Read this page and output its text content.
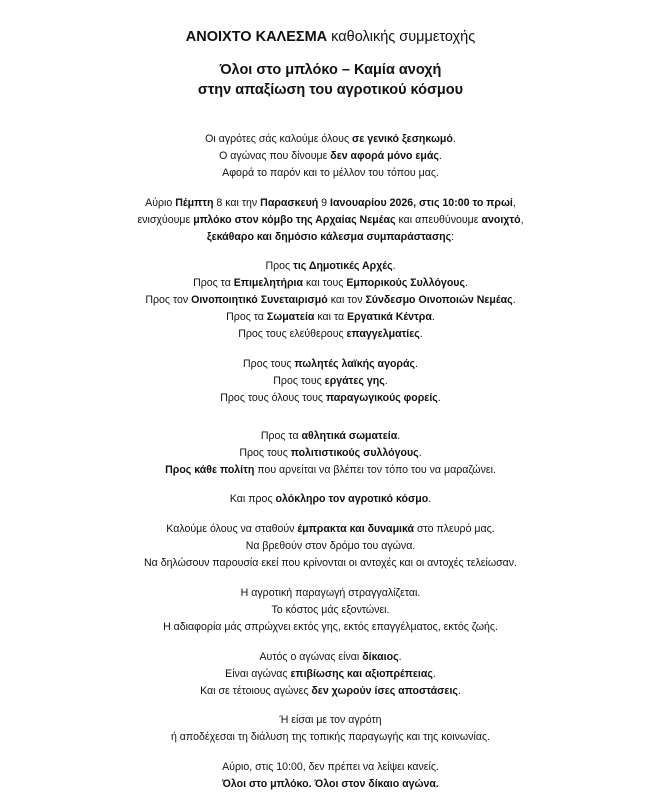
ΑΝΟΙΧΤΟ ΚΑΛΕΣΜΑ καθολικής συμμετοχής
Όλοι στο μπλόκο – Καμία ανοχή
στην απαξίωση του αγροτικού κόσμου
Οι αγρότες σάς καλούμε όλους σε γενικό ξεσηκωμό.
Ο αγώνας που δίνουμε δεν αφορά μόνο εμάς.
Αφορά το παρόν και το μέλλον του τόπου μας.
Αύριο Πέμπτη 8 και την Παρασκευή 9 Ιανουαρίου 2026, στις 10:00 το πρωί,
ενισχύουμε μπλόκο στον κόμβο της Αρχαίας Νεμέας και απευθύνουμε ανοιχτό,
ξεκάθαρο και δημόσιο κάλεσμα συμπαράστασης:
Προς τις Δημοτικές Αρχές.
Προς τα Επιμελητήρια και τους Εμπορικούς Συλλόγους.
Προς τον Οινοποιητικό Συνεταιρισμό και τον Σύνδεσμο Οινοποιών Νεμέας.
Προς τα Σωματεία και τα Εργατικά Κέντρα.
Προς τους ελεύθερους επαγγελματίες.
Προς τους πωλητές λαϊκής αγοράς.
Προς τους εργάτες γης.
Προς τους όλους τους παραγωγικούς φορείς.
Προς τα αθλητικά σωματεία.
Προς τους πολιτιστικούς συλλόγους.
Προς κάθε πολίτη που αρνείται να βλέπει τον τόπο του να μαραζώνει.
Και προς ολόκληρο τον αγροτικό κόσμο.
Καλούμε όλους να σταθούν έμπρακτα και δυναμικά στο πλευρό μας.
Να βρεθούν στον δρόμο του αγώνα.
Να δηλώσουν παρουσία εκεί που κρίνονται οι αντοχές και οι αντοχές τελείωσαν.
Η αγροτική παραγωγή στραγγαλίζεται.
Το κόστος μάς εξοντώνει.
Η αδιαφορία μάς σπρώχνει εκτός γης, εκτός επαγγέλματος, εκτός ζωής.
Αυτός ο αγώνας είναι δίκαιος.
Είναι αγώνας επιβίωσης και αξιοπρέπειας.
Και σε τέτοιους αγώνες δεν χωρούν ίσες αποστάσεις.
Ή είσαι με τον αγρότη
ή αποδέχεσαι τη διάλυση της τοπικής παραγωγής και της κοινωνίας.
Αύριο, στις 10:00, δεν πρέπει να λείψει κανείς.
Όλοι στο μπλόκο. Όλοι στον δίκαιο αγώνα.
